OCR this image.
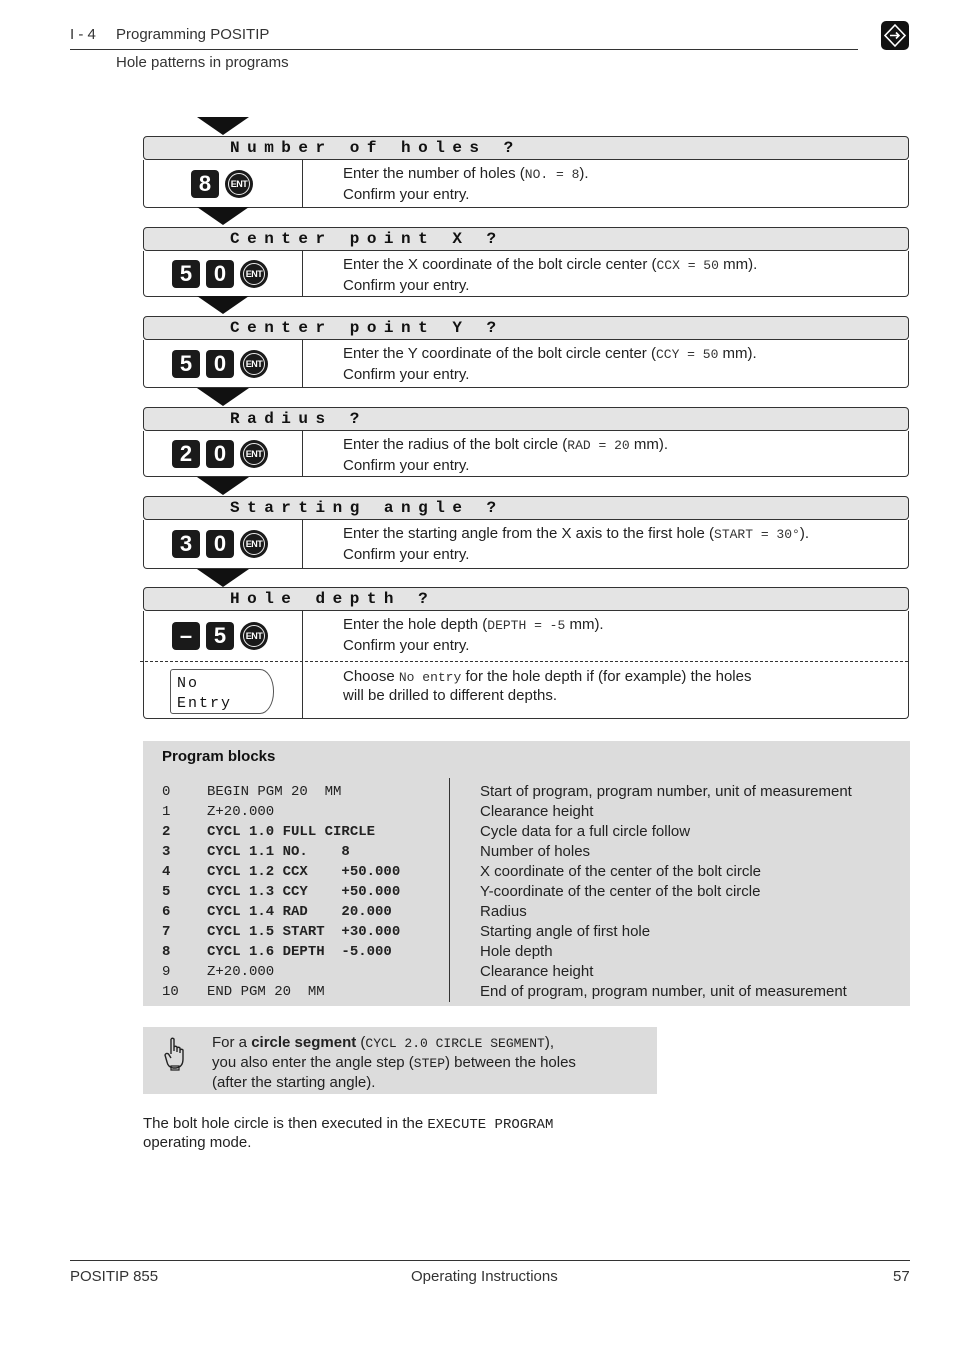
I - 4 Programming POSITIP
Hole patterns in programs
Number of holes ?
8	ENT
Enter the number of holes (NO. = 8).
Confirm your entry.
Center point X ?
5 0	ENT
Enter the X coordinate of the bolt circle center (CCX = 50 mm).
Confirm your entry.
Center point Y ?
5 0	ENT
Enter the Y coordinate of the bolt circle center (CCY = 50 mm).
Confirm your entry.
Radius ?
2 0	ENT
Enter the radius of the bolt circle (RAD = 20 mm).
Confirm your entry.
Starting angle ?
3 0	ENT
Enter the starting angle from the X axis to the first hole (START = 30°).
Confirm your entry.
Hole depth ?
– 5	ENT
Enter the hole depth (DEPTH = -5 mm).
Confirm your entry.
No
Entry
Choose No entry for the hole depth if (for example) the holes
will be drilled to different depths.
Program blocks
0	BEGIN PGM 20  MM	Start of program, program number, unit of measurement
1	Z+20.000	Clearance height
2	CYCL 1.0 FULL CIRCLE	Cycle data for a full circle follow
3	CYCL 1.1 NO.    8	Number of holes
4	CYCL 1.2 CCX    +50.000	X coordinate of the center of the bolt circle
5	CYCL 1.3 CCY    +50.000	Y-coordinate of the center of the bolt circle
6	CYCL 1.4 RAD    20.000	Radius
7	CYCL 1.5 START  +30.000	Starting angle of first hole
8	CYCL 1.6 DEPTH  -5.000	Hole depth
9	Z+20.000	Clearance height
10 END PGM 20  MM	End of program, program number, unit of measurement
For a circle segment (CYCL 2.0 CIRCLE SEGMENT),
you also enter the angle step (STEP) between the holes
(after the starting angle).
The bolt hole circle is then executed in the EXECUTE PROGRAM
operating mode.
POSITIP 855	Operating Instructions	57
